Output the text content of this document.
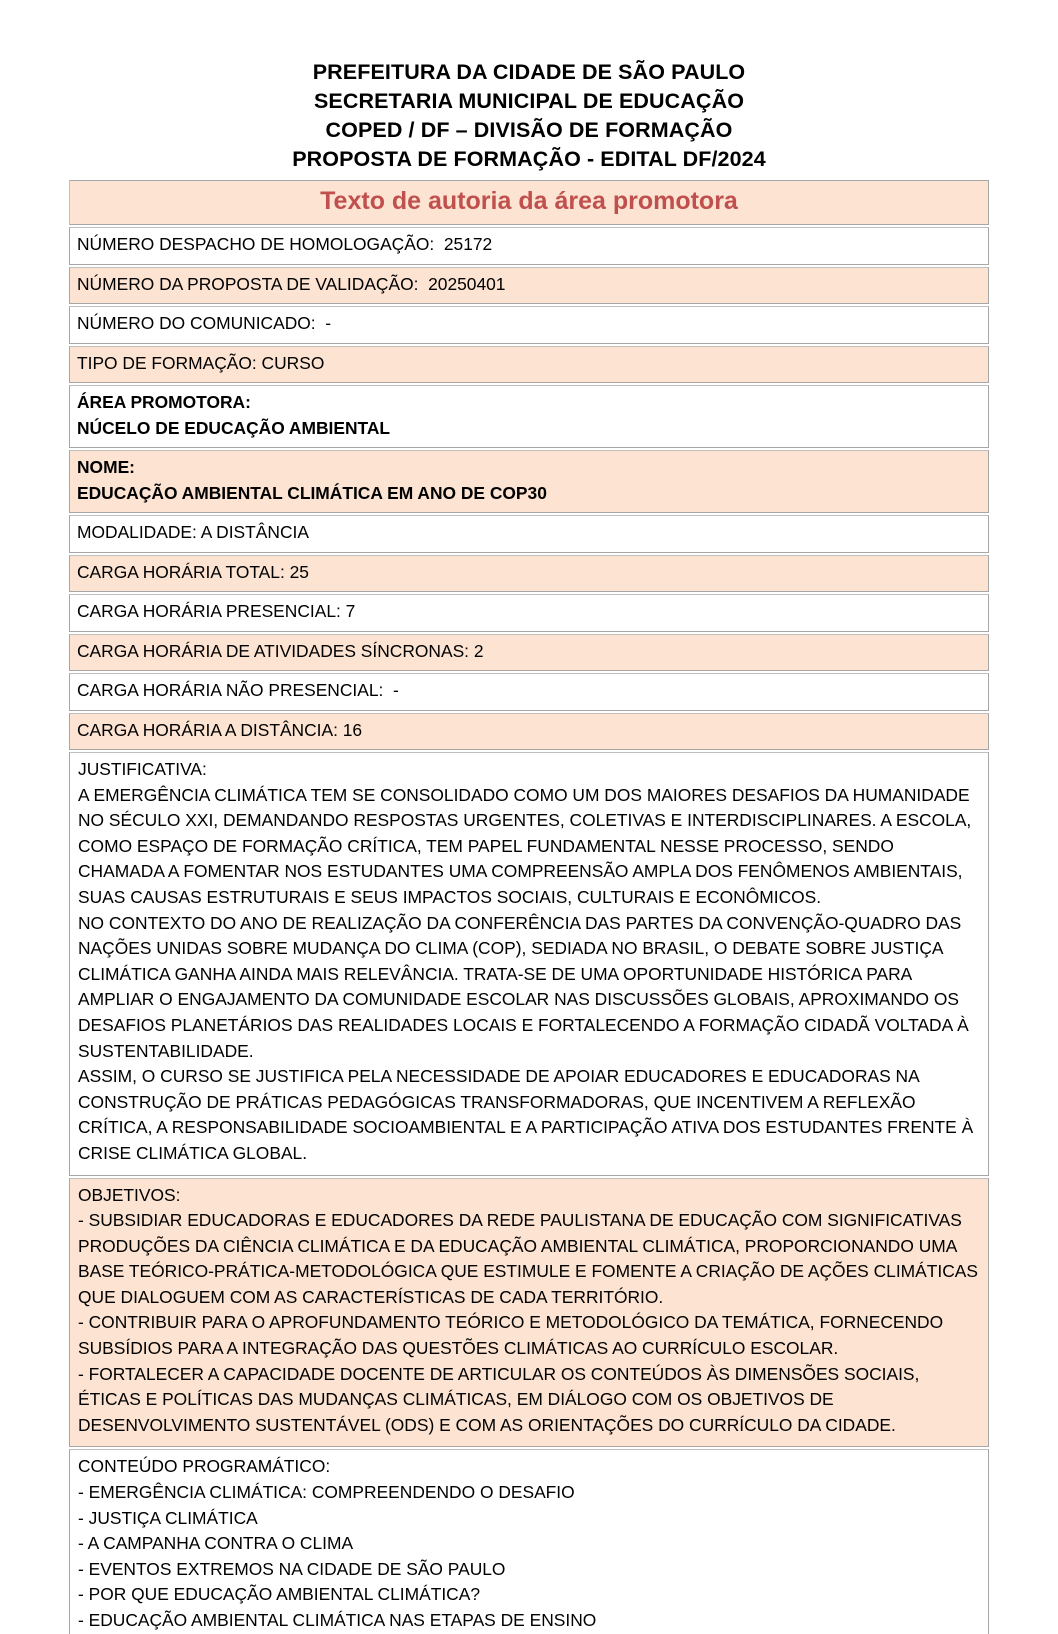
PREFEITURA DA CIDADE DE SÃO PAULO
SECRETARIA MUNICIPAL DE EDUCAÇÃO
COPED / DF – DIVISÃO DE FORMAÇÃO
PROPOSTA DE FORMAÇÃO - EDITAL DF/2024
Texto de autoria da área promotora
NÚMERO DESPACHO DE HOMOLOGAÇÃO:  25172
NÚMERO DA PROPOSTA DE VALIDAÇÃO:  20250401
NÚMERO DO COMUNICADO:  -
TIPO DE FORMAÇÃO: CURSO
ÁREA PROMOTORA:
NÚCELO DE EDUCAÇÃO AMBIENTAL
NOME:
EDUCAÇÃO AMBIENTAL CLIMÁTICA EM ANO DE COP30
MODALIDADE: A DISTÂNCIA
CARGA HORÁRIA TOTAL: 25
CARGA HORÁRIA PRESENCIAL: 7
CARGA HORÁRIA DE ATIVIDADES SÍNCRONAS: 2
CARGA HORÁRIA NÃO PRESENCIAL:  -
CARGA HORÁRIA A DISTÂNCIA: 16
JUSTIFICATIVA:
A EMERGÊNCIA CLIMÁTICA TEM SE CONSOLIDADO COMO UM DOS MAIORES DESAFIOS DA HUMANIDADE NO SÉCULO XXI, DEMANDANDO RESPOSTAS URGENTES, COLETIVAS E INTERDISCIPLINARES. A ESCOLA, COMO ESPAÇO DE FORMAÇÃO CRÍTICA, TEM PAPEL FUNDAMENTAL NESSE PROCESSO, SENDO CHAMADA A FOMENTAR NOS ESTUDANTES UMA COMPREENSÃO AMPLA DOS FENÔMENOS AMBIENTAIS, SUAS CAUSAS ESTRUTURAIS E SEUS IMPACTOS SOCIAIS, CULTURAIS E ECONÔMICOS.
NO CONTEXTO DO ANO DE REALIZAÇÃO DA CONFERÊNCIA DAS PARTES DA CONVENÇÃO-QUADRO DAS NAÇÕES UNIDAS SOBRE MUDANÇA DO CLIMA (COP), SEDIADA NO BRASIL, O DEBATE SOBRE JUSTIÇA CLIMÁTICA GANHA AINDA MAIS RELEVÂNCIA. TRATA-SE DE UMA OPORTUNIDADE HISTÓRICA PARA AMPLIAR O ENGAJAMENTO DA COMUNIDADE ESCOLAR NAS DISCUSSÕES GLOBAIS, APROXIMANDO OS DESAFIOS PLANETÁRIOS DAS REALIDADES LOCAIS E FORTALECENDO A FORMAÇÃO CIDADÃ VOLTADA À SUSTENTABILIDADE.
ASSIM, O CURSO SE JUSTIFICA PELA NECESSIDADE DE APOIAR EDUCADORES E EDUCADORAS NA CONSTRUÇÃO DE PRÁTICAS PEDAGÓGICAS TRANSFORMADORAS, QUE INCENTIVEM A REFLEXÃO CRÍTICA, A RESPONSABILIDADE SOCIOAMBIENTAL E A PARTICIPAÇÃO ATIVA DOS ESTUDANTES FRENTE À CRISE CLIMÁTICA GLOBAL.
OBJETIVOS:
- SUBSIDIAR EDUCADORAS E EDUCADORES DA REDE PAULISTANA DE EDUCAÇÃO COM SIGNIFICATIVAS PRODUÇÕES DA CIÊNCIA CLIMÁTICA E DA EDUCAÇÃO AMBIENTAL CLIMÁTICA, PROPORCIONANDO UMA BASE TEÓRICO-PRÁTICA-METODOLÓGICA QUE ESTIMULE E FOMENTE A CRIAÇÃO DE AÇÕES CLIMÁTICAS QUE DIALOGUEM COM AS CARACTERÍSTICAS DE CADA TERRITÓRIO.
- CONTRIBUIR PARA O APROFUNDAMENTO TEÓRICO E METODOLÓGICO DA TEMÁTICA, FORNECENDO SUBSÍDIOS PARA A INTEGRAÇÃO DAS QUESTÕES CLIMÁTICAS AO CURRÍCULO ESCOLAR.
- FORTALECER A CAPACIDADE DOCENTE DE ARTICULAR OS CONTEÚDOS ÀS DIMENSÕES SOCIAIS, ÉTICAS E POLÍTICAS DAS MUDANÇAS CLIMÁTICAS, EM DIÁLOGO COM OS OBJETIVOS DE DESENVOLVIMENTO SUSTENTÁVEL (ODS) E COM AS ORIENTAÇÕES DO CURRÍCULO DA CIDADE.
CONTEÚDO PROGRAMÁTICO:
- EMERGÊNCIA CLIMÁTICA: COMPREENDENDO O DESAFIO
- JUSTIÇA CLIMÁTICA
- A CAMPANHA CONTRA O CLIMA
- EVENTOS EXTREMOS NA CIDADE DE SÃO PAULO
- POR QUE EDUCAÇÃO AMBIENTAL CLIMÁTICA?
- EDUCAÇÃO AMBIENTAL CLIMÁTICA NAS ETAPAS DE ENSINO
